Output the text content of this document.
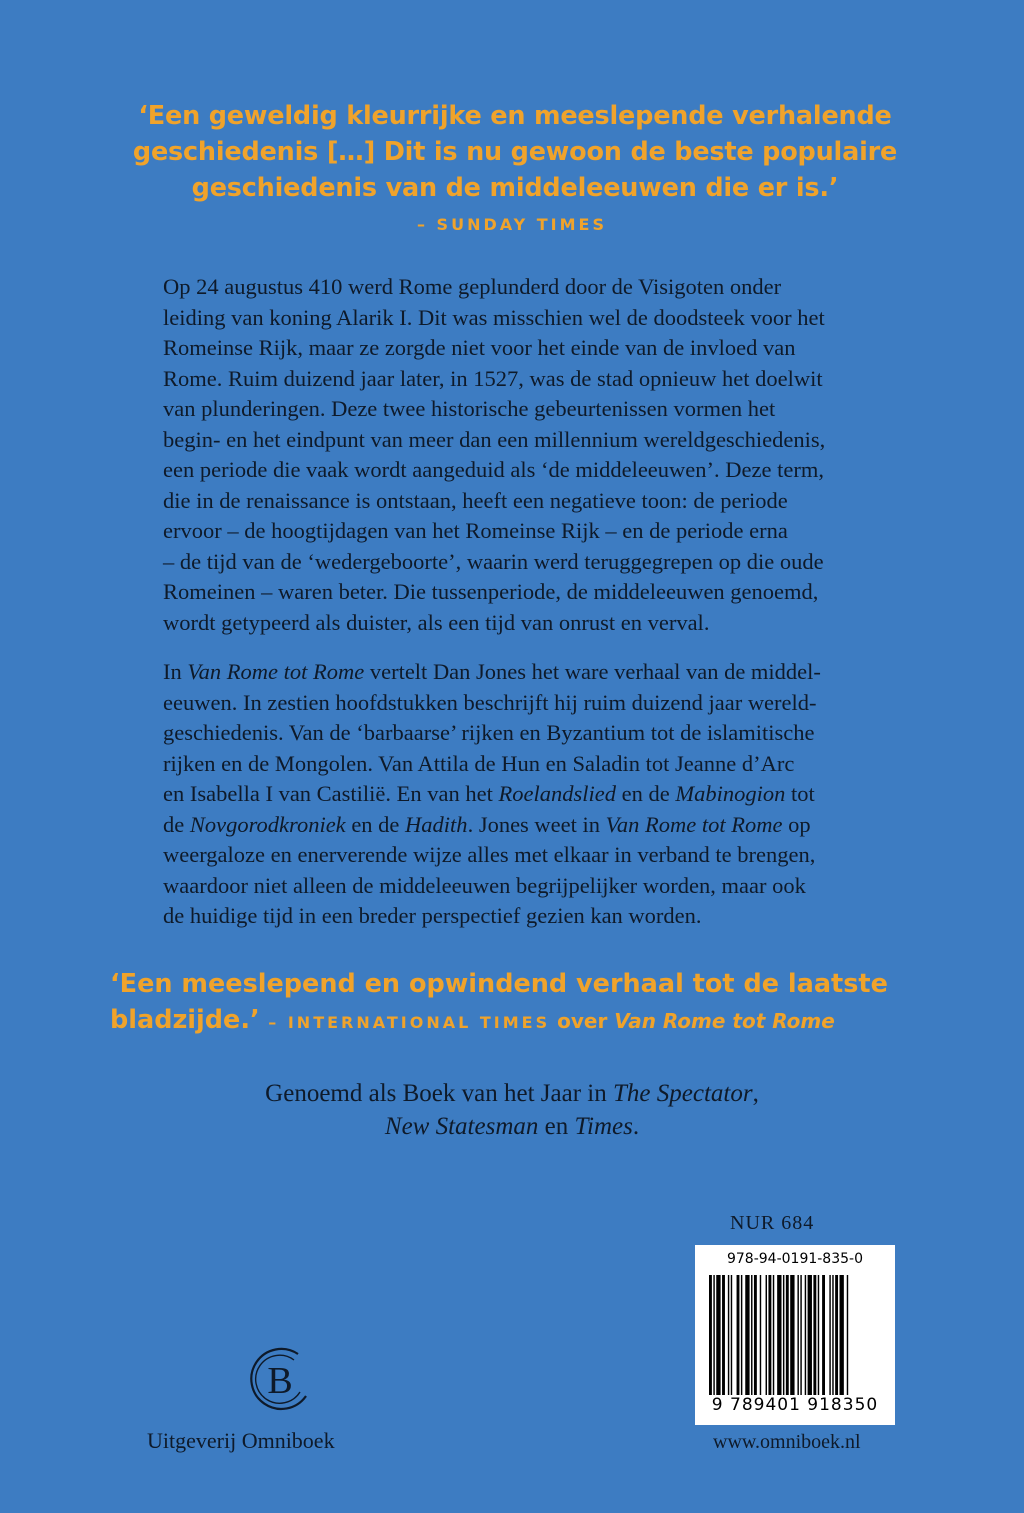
‘Een geweldig kleurrijke en meeslepende verhalende
geschiedenis […] Dit is nu gewoon de beste populaire
geschiedenis van de middeleeuwen die er is.’
– SUNDAY TIMES
Op 24 augustus 410 werd Rome geplunderd door de Visigoten onder
leiding van koning Alarik I. Dit was misschien wel de doodsteek voor het
Romeinse Rijk, maar ze zorgde niet voor het einde van de invloed van
Rome. Ruim duizend jaar later, in 1527, was de stad opnieuw het doelwit
van plunderingen. Deze twee historische gebeurtenissen vormen het
begin- en het eindpunt van meer dan een millennium wereldgeschiedenis,
een periode die vaak wordt aangeduid als ‘de middeleeuwen’. Deze term,
die in de renaissance is ontstaan, heeft een negatieve toon: de periode
ervoor – de hoogtijdagen van het Romeinse Rijk – en de periode erna
– de tijd van de ‘wedergeboorte’, waarin werd teruggegrepen op die oude
Romeinen – waren beter. Die tussenperiode, de middeleeuwen genoemd,
wordt getypeerd als duister, als een tijd van onrust en verval.
In Van Rome tot Rome vertelt Dan Jones het ware verhaal van de middel-
eeuwen. In zestien hoofdstukken beschrijft hij ruim duizend jaar wereld-
geschiedenis. Van de ‘barbaarse’ rijken en Byzantium tot de islamitische
rijken en de Mongolen. Van Attila de Hun en Saladin tot Jeanne d’Arc
en Isabella I van Castilië. En van het Roelandslied en de Mabinogion tot
de Novgorodkroniek en de Hadith. Jones weet in Van Rome tot Rome op
weergaloze en enerverende wijze alles met elkaar in verband te brengen,
waardoor niet alleen de middeleeuwen begrijpelijker worden, maar ook
de huidige tijd in een breder perspectief gezien kan worden.
‘Een meeslepend en opwindend verhaal tot de laatste
bladzijde.’ – INTERNATIONAL TIMES over Van Rome tot Rome
Genoemd als Boek van het Jaar in The Spectator,
New Statesman en Times.
NUR 684
978-94-0191-835-0
9 789401 918350
B
Uitgeverij Omniboek	www.omniboek.nl
